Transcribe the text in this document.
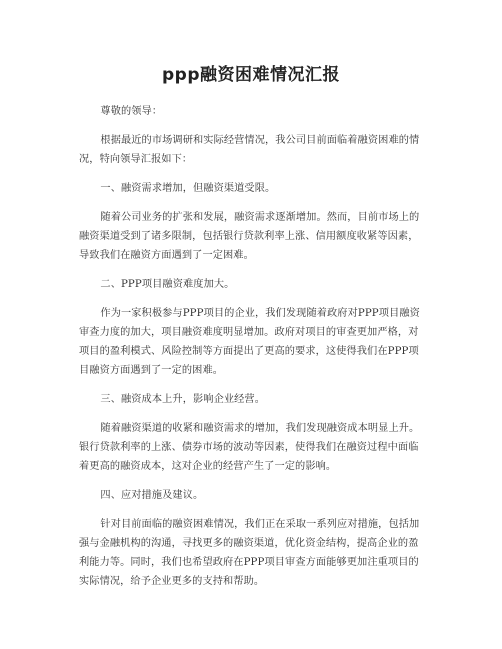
ppp融资困难情况汇报

尊敬的领导：

根据最近的市场调研和实际经营情况，我公司目前面临着融资困难的情况，特向领导汇报如下：

一、融资需求增加，但融资渠道受限。

随着公司业务的扩张和发展，融资需求逐渐增加。然而，目前市场上的融资渠道受到了诸多限制，包括银行贷款利率上涨、信用额度收紧等因素，导致我们在融资方面遇到了一定困难。

二、PPP项目融资难度加大。

作为一家积极参与PPP项目的企业，我们发现随着政府对PPP项目融资审查力度的加大，项目融资难度明显增加。政府对项目的审查更加严格，对项目的盈利模式、风险控制等方面提出了更高的要求，这使得我们在PPP项目融资方面遇到了一定的困难。

三、融资成本上升，影响企业经营。

随着融资渠道的收紧和融资需求的增加，我们发现融资成本明显上升。银行贷款利率的上涨、债券市场的波动等因素，使得我们在融资过程中面临着更高的融资成本，这对企业的经营产生了一定的影响。

四、应对措施及建议。

针对目前面临的融资困难情况，我们正在采取一系列应对措施，包括加强与金融机构的沟通，寻找更多的融资渠道，优化资金结构，提高企业的盈利能力等。同时，我们也希望政府在PPP项目审查方面能够更加注重项目的实际情况，给予企业更多的支持和帮助。
